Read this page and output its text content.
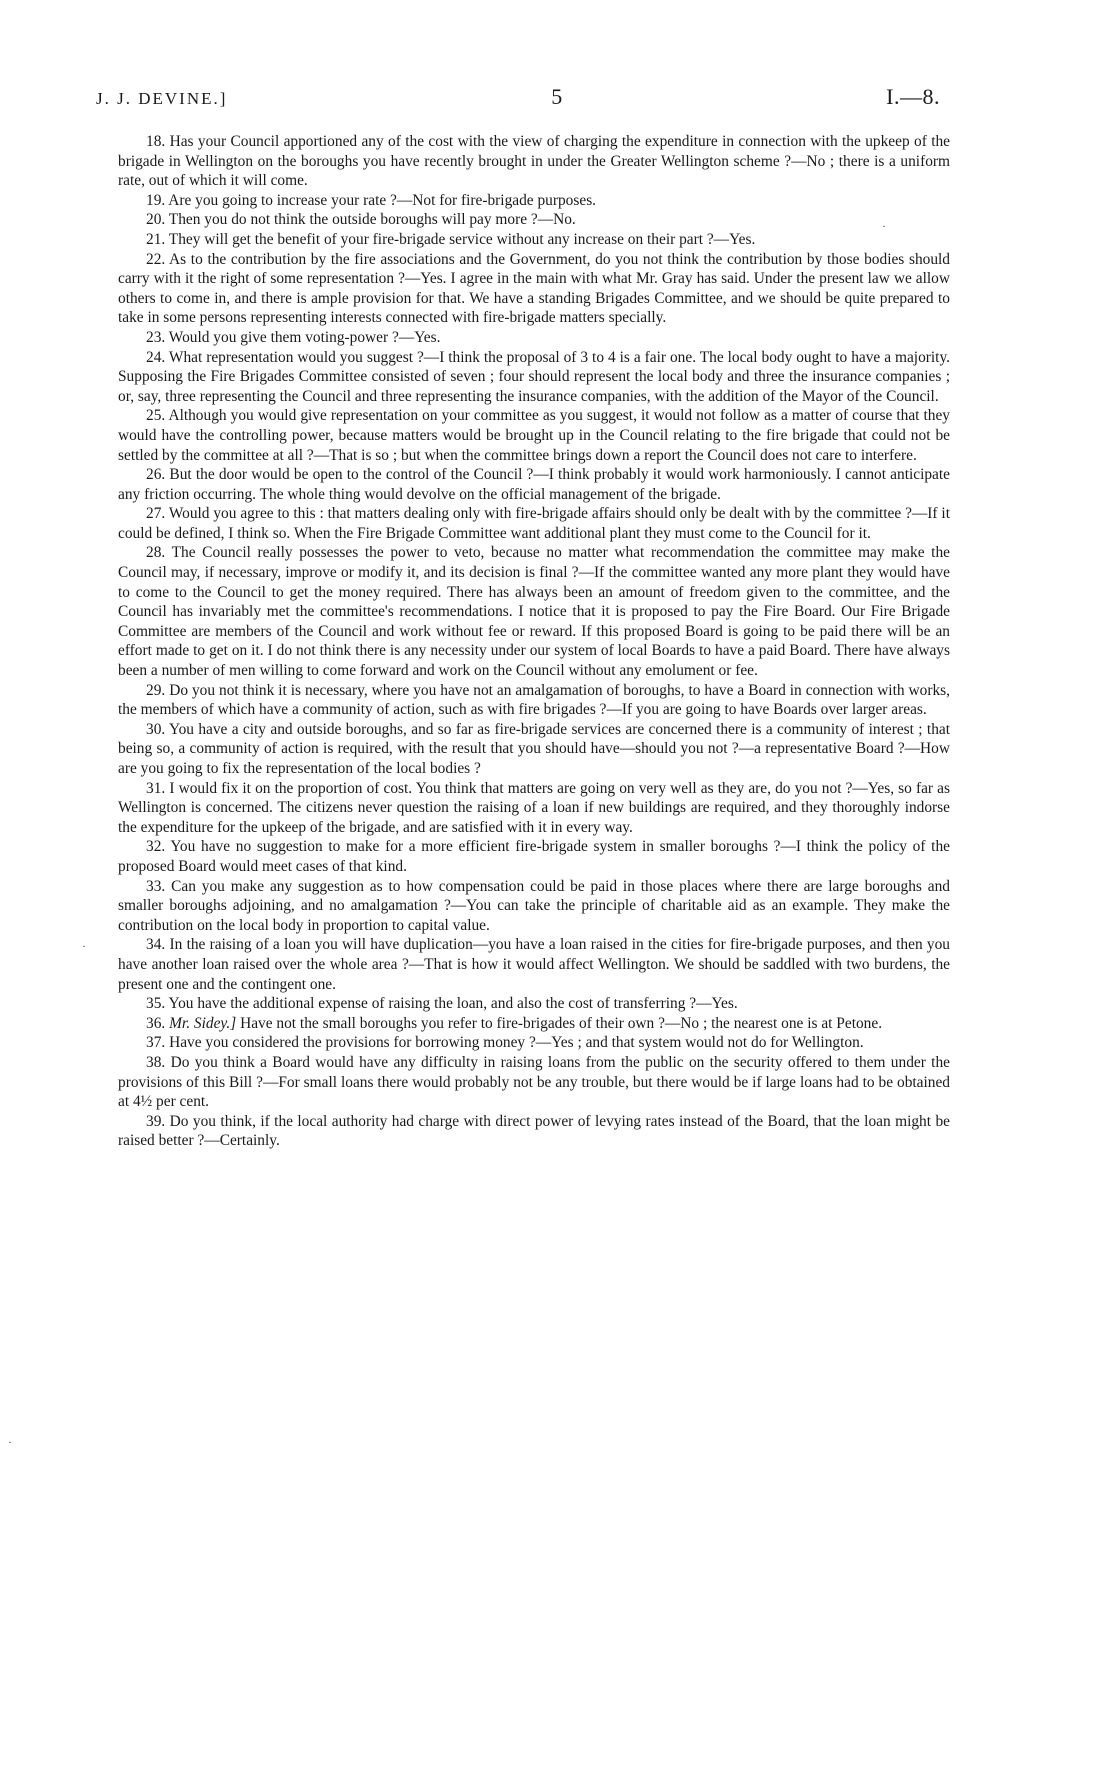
J. J. DEVINE.]	5	I.—8.

18. Has your Council apportioned any of the cost with the view of charging the expenditure in connection with the upkeep of the brigade in Wellington on the boroughs you have recently brought in under the Greater Wellington scheme ?—No ; there is a uniform rate, out of which it will come.

19. Are you going to increase your rate ?—Not for fire-brigade purposes.

20. Then you do not think the outside boroughs will pay more ?—No.

21. They will get the benefit of your fire-brigade service without any increase on their part ?—Yes.

22. As to the contribution by the fire associations and the Government, do you not think the contribution by those bodies should carry with it the right of some representation ?—Yes. I agree in the main with what Mr. Gray has said. Under the present law we allow others to come in, and there is ample provision for that. We have a standing Brigades Committee, and we should be quite prepared to take in some persons representing interests connected with fire-brigade matters specially.

23. Would you give them voting-power ?—Yes.

24. What representation would you suggest ?—I think the proposal of 3 to 4 is a fair one. The local body ought to have a majority. Supposing the Fire Brigades Committee consisted of seven ; four should represent the local body and three the insurance companies ; or, say, three representing the Council and three representing the insurance companies, with the addition of the Mayor of the Council.

25. Although you would give representation on your committee as you suggest, it would not follow as a matter of course that they would have the controlling power, because matters would be brought up in the Council relating to the fire brigade that could not be settled by the committee at all ?—That is so ; but when the committee brings down a report the Council does not care to interfere.

26. But the door would be open to the control of the Council ?—I think probably it would work harmoniously. I cannot anticipate any friction occurring. The whole thing would devolve on the official management of the brigade.

27. Would you agree to this : that matters dealing only with fire-brigade affairs should only be dealt with by the committee ?—If it could be defined, I think so. When the Fire Brigade Committee want additional plant they must come to the Council for it.

28. The Council really possesses the power to veto, because no matter what recommendation the committee may make the Council may, if necessary, improve or modify it, and its decision is final ?—If the committee wanted any more plant they would have to come to the Council to get the money required. There has always been an amount of freedom given to the committee, and the Council has invariably met the committee's recommendations. I notice that it is proposed to pay the Fire Board. Our Fire Brigade Committee are members of the Council and work without fee or reward. If this proposed Board is going to be paid there will be an effort made to get on it. I do not think there is any necessity under our system of local Boards to have a paid Board. There have always been a number of men willing to come forward and work on the Council without any emolument or fee.

29. Do you not think it is necessary, where you have not an amalgamation of boroughs, to have a Board in connection with works, the members of which have a community of action, such as with fire brigades ?—If you are going to have Boards over larger areas.

30. You have a city and outside boroughs, and so far as fire-brigade services are concerned there is a community of interest ; that being so, a community of action is required, with the result that you should have—should you not ?—a representative Board ?—How are you going to fix the representation of the local bodies ?

31. I would fix it on the proportion of cost. You think that matters are going on very well as they are, do you not ?—Yes, so far as Wellington is concerned. The citizens never question the raising of a loan if new buildings are required, and they thoroughly indorse the expenditure for the upkeep of the brigade, and are satisfied with it in every way.

32. You have no suggestion to make for a more efficient fire-brigade system in smaller boroughs ?—I think the policy of the proposed Board would meet cases of that kind.

33. Can you make any suggestion as to how compensation could be paid in those places where there are large boroughs and smaller boroughs adjoining, and no amalgamation ?—You can take the principle of charitable aid as an example. They make the contribution on the local body in proportion to capital value.

34. In the raising of a loan you will have duplication—you have a loan raised in the cities for fire-brigade purposes, and then you have another loan raised over the whole area ?—That is how it would affect Wellington. We should be saddled with two burdens, the present one and the contingent one.

35. You have the additional expense of raising the loan, and also the cost of transferring ?—Yes.

36. Mr. Sidey.] Have not the small boroughs you refer to fire-brigades of their own ?—No ; the nearest one is at Petone.

37. Have you considered the provisions for borrowing money ?—Yes ; and that system would not do for Wellington.

38. Do you think a Board would have any difficulty in raising loans from the public on the security offered to them under the provisions of this Bill ?—For small loans there would probably not be any trouble, but there would be if large loans had to be obtained at 4½ per cent.

39. Do you think, if the local authority had charge with direct power of levying rates instead of the Board, that the loan might be raised better ?—Certainly.

·
·
·
